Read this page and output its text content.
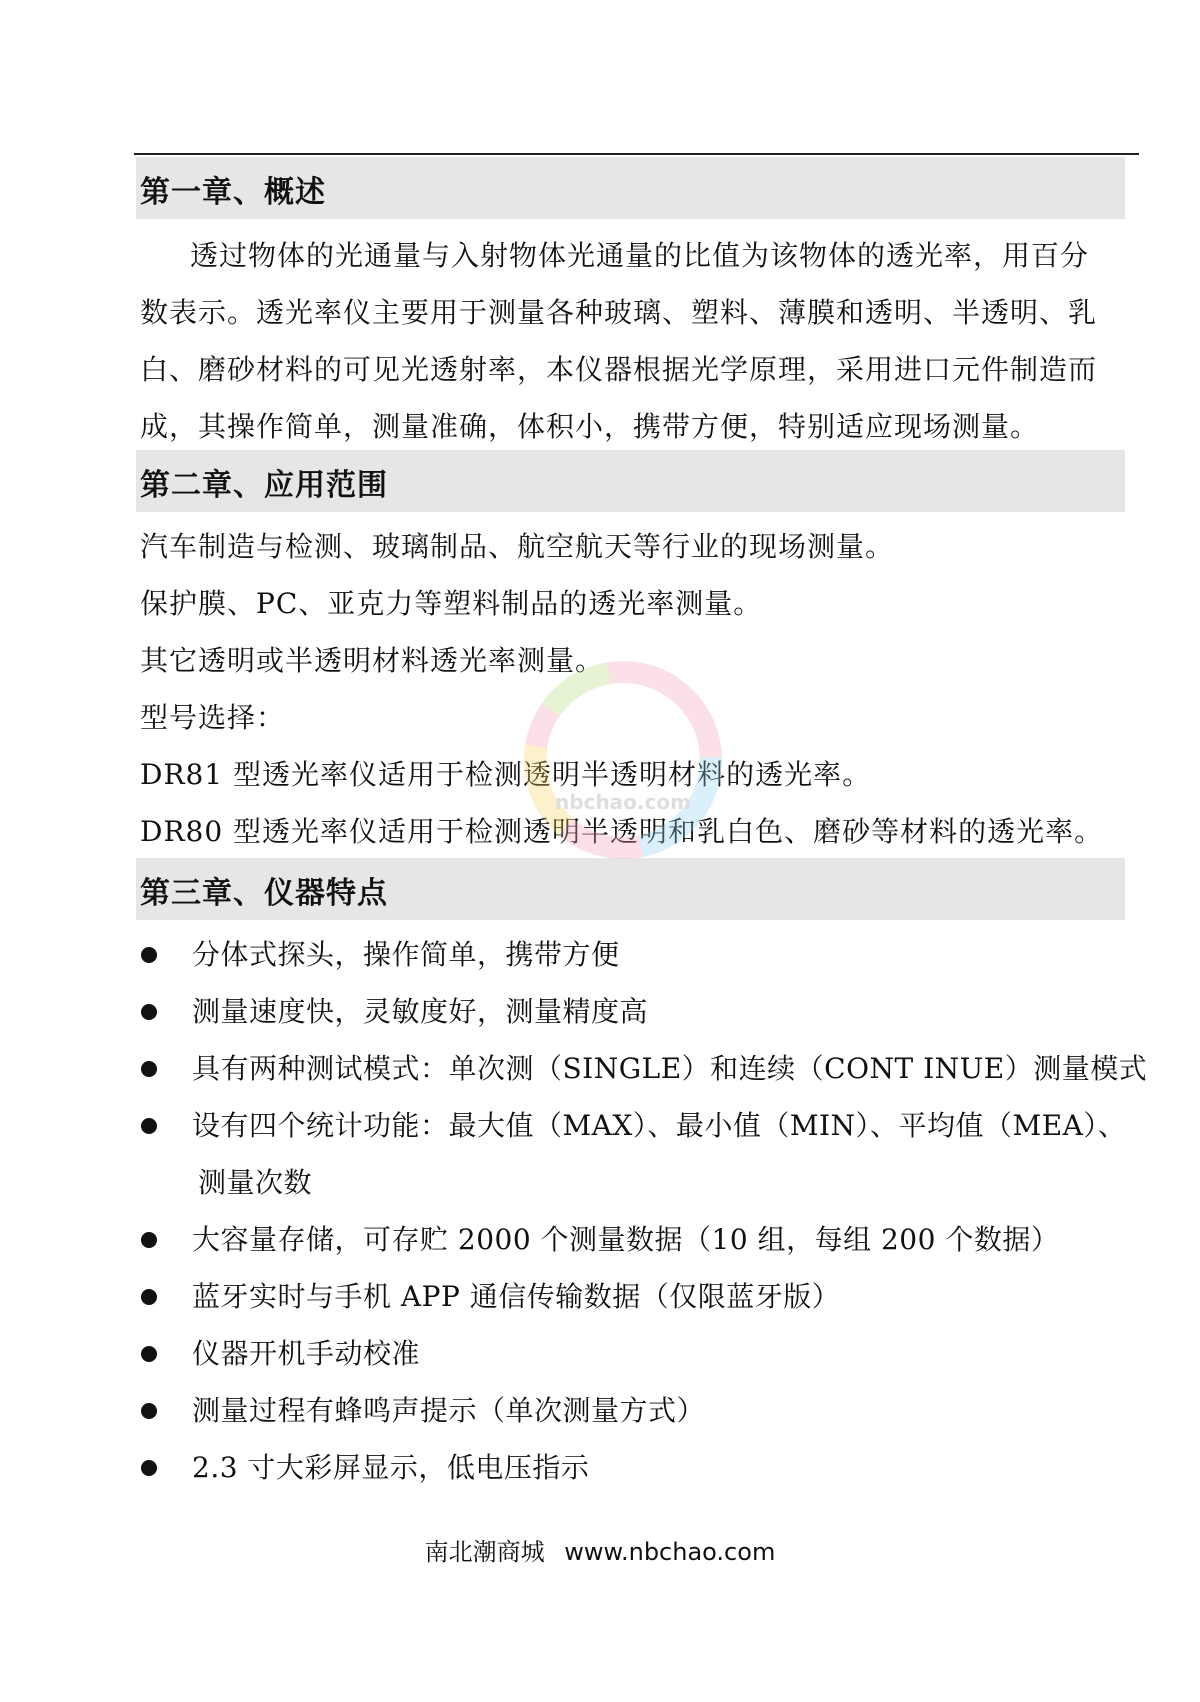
第一章、概述

透过物体的光通量与入射物体光通量的比值为该物体的透光率，用百分

数表示。透光率仪主要用于测量各种玻璃、塑料、薄膜和透明、半透明、乳

白、磨砂材料的可见光透射率，本仪器根据光学原理，采用进口元件制造而

成，其操作简单，测量准确，体积小，携带方便，特别适应现场测量。

第二章、应用范围

汽车制造与检测、玻璃制品、航空航天等行业的现场测量。

保护膜、PC、亚克力等塑料制品的透光率测量。

其它透明或半透明材料透光率测量。

型号选择：

DR81 型透光率仪适用于检测透明半透明材料的透光率。

DR80 型透光率仪适用于检测透明半透明和乳白色、磨砂等材料的透光率。

第三章、仪器特点
分体式探头，操作简单，携带方便
测量速度快，灵敏度好，测量精度高
具有两种测试模式：单次测（SINGLE）和连续（CONT INUE）测量模式
设有四个统计功能：最大值（MAX）、最小值（MIN）、平均值（MEA）、
测量次数
大容量存储，可存贮 2000 个测量数据（10 组，每组 200 个数据）
蓝牙实时与手机 APP 通信传输数据（仅限蓝牙版）
仪器开机手动校准
测量过程有蜂鸣声提示（单次测量方式）
2.3 寸大彩屏显示，低电压指示
nbchao.com
南北潮商城 www.nbchao.com
